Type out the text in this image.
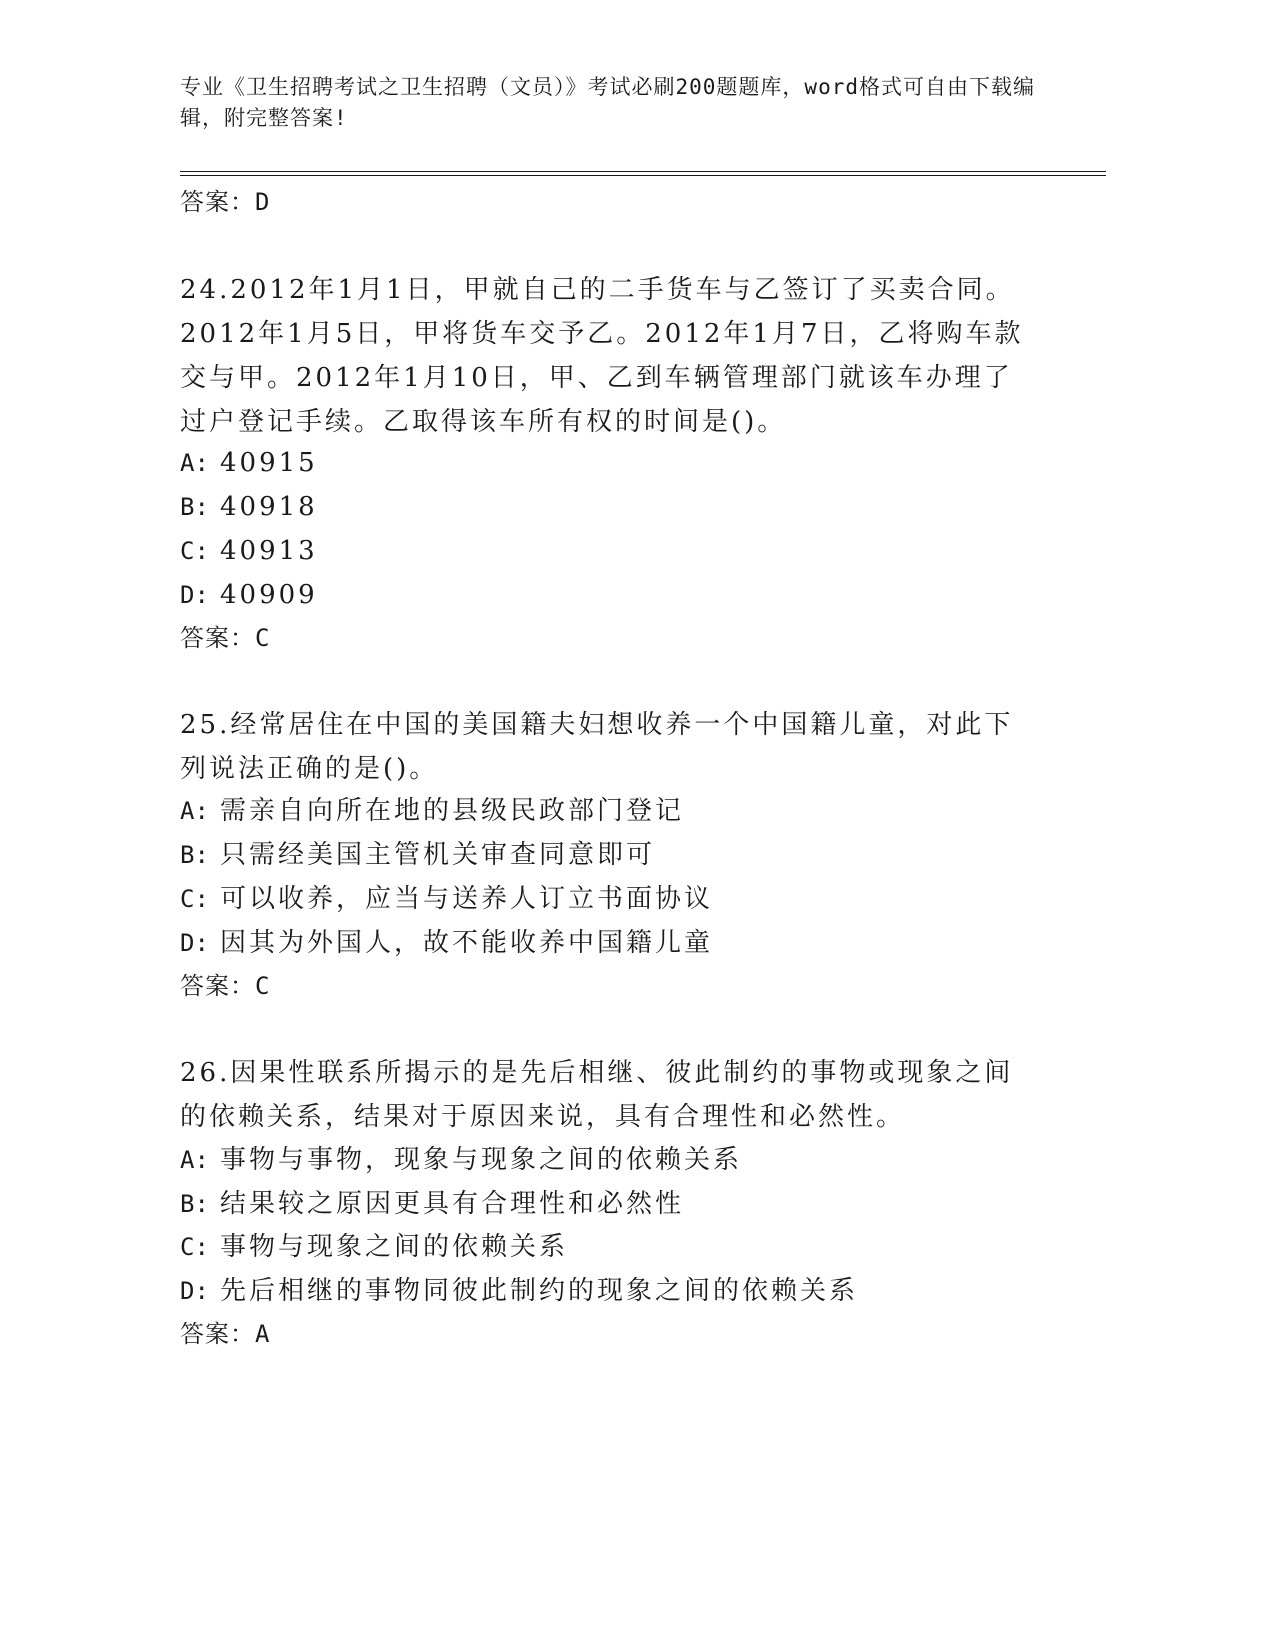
专业《卫生招聘考试之卫生招聘（文员）》考试必刷200题题库，word格式可自由下载编辑，附完整答案!

答案：D

24.2012年1月1日，甲就自己的二手货车与乙签订了买卖合同。2012年1月5日，甲将货车交予乙。2012年1月7日，乙将购车款交与甲。2012年1月10日，甲、乙到车辆管理部门就该车办理了过户登记手续。乙取得该车所有权的时间是()。

A: 40915

B: 40918

C: 40913

D: 40909

答案：C

25.经常居住在中国的美国籍夫妇想收养一个中国籍儿童，对此下列说法正确的是()。

A: 需亲自向所在地的县级民政部门登记

B: 只需经美国主管机关审查同意即可

C: 可以收养，应当与送养人订立书面协议

D: 因其为外国人，故不能收养中国籍儿童

答案：C

26.因果性联系所揭示的是先后相继、彼此制约的事物或现象之间的依赖关系，结果对于原因来说，具有合理性和必然性。

A: 事物与事物，现象与现象之间的依赖关系

B: 结果较之原因更具有合理性和必然性

C: 事物与现象之间的依赖关系

D: 先后相继的事物同彼此制约的现象之间的依赖关系

答案：A
